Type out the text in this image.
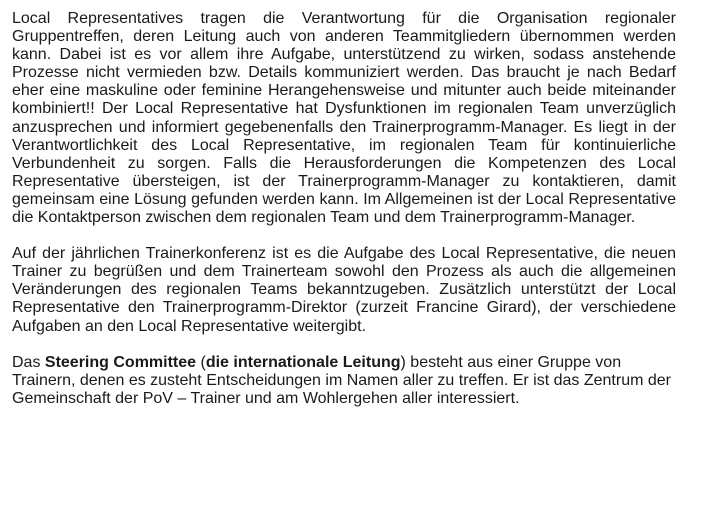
Local Representatives tragen die Verantwortung für die Organisation regionaler Gruppentreffen, deren Leitung auch von anderen Teammitgliedern übernommen werden kann. Dabei ist es vor allem ihre Aufgabe, unterstützend zu wirken, sodass anstehende Prozesse nicht vermieden bzw. Details kommuniziert werden. Das braucht je nach Bedarf eher eine maskuline oder feminine Herangehensweise und mitunter auch beide miteinander kombiniert!! Der Local Representative hat Dysfunktionen im regionalen Team unverzüglich anzusprechen und informiert gegebenenfalls den Trainerprogramm-Manager. Es liegt in der Verantwortlichkeit des Local Representative, im regionalen Team für kontinuierliche Verbundenheit zu sorgen. Falls die Herausforderungen die Kompetenzen des Local Representative übersteigen, ist der Trainerprogramm-Manager zu kontaktieren, damit gemeinsam eine Lösung gefunden werden kann. Im Allgemeinen ist der Local Representative die Kontaktperson zwischen dem regionalen Team und dem Trainerprogramm-Manager.

Auf der jährlichen Trainerkonferenz ist es die Aufgabe des Local Representative, die neuen Trainer zu begrüßen und dem Trainerteam sowohl den Prozess als auch die allgemeinen Veränderungen des regionalen Teams bekanntzugeben. Zusätzlich unterstützt der Local Representative den Trainerprogramm-Direktor (zurzeit Francine Girard), der verschiedene Aufgaben an den Local Representative weitergibt.

Das Steering Committee (die internationale Leitung) besteht aus einer Gruppe von Trainern, denen es zusteht Entscheidungen im Namen aller zu treffen. Er ist das Zentrum der Gemeinschaft der PoV – Trainer und am Wohlergehen aller interessiert.
